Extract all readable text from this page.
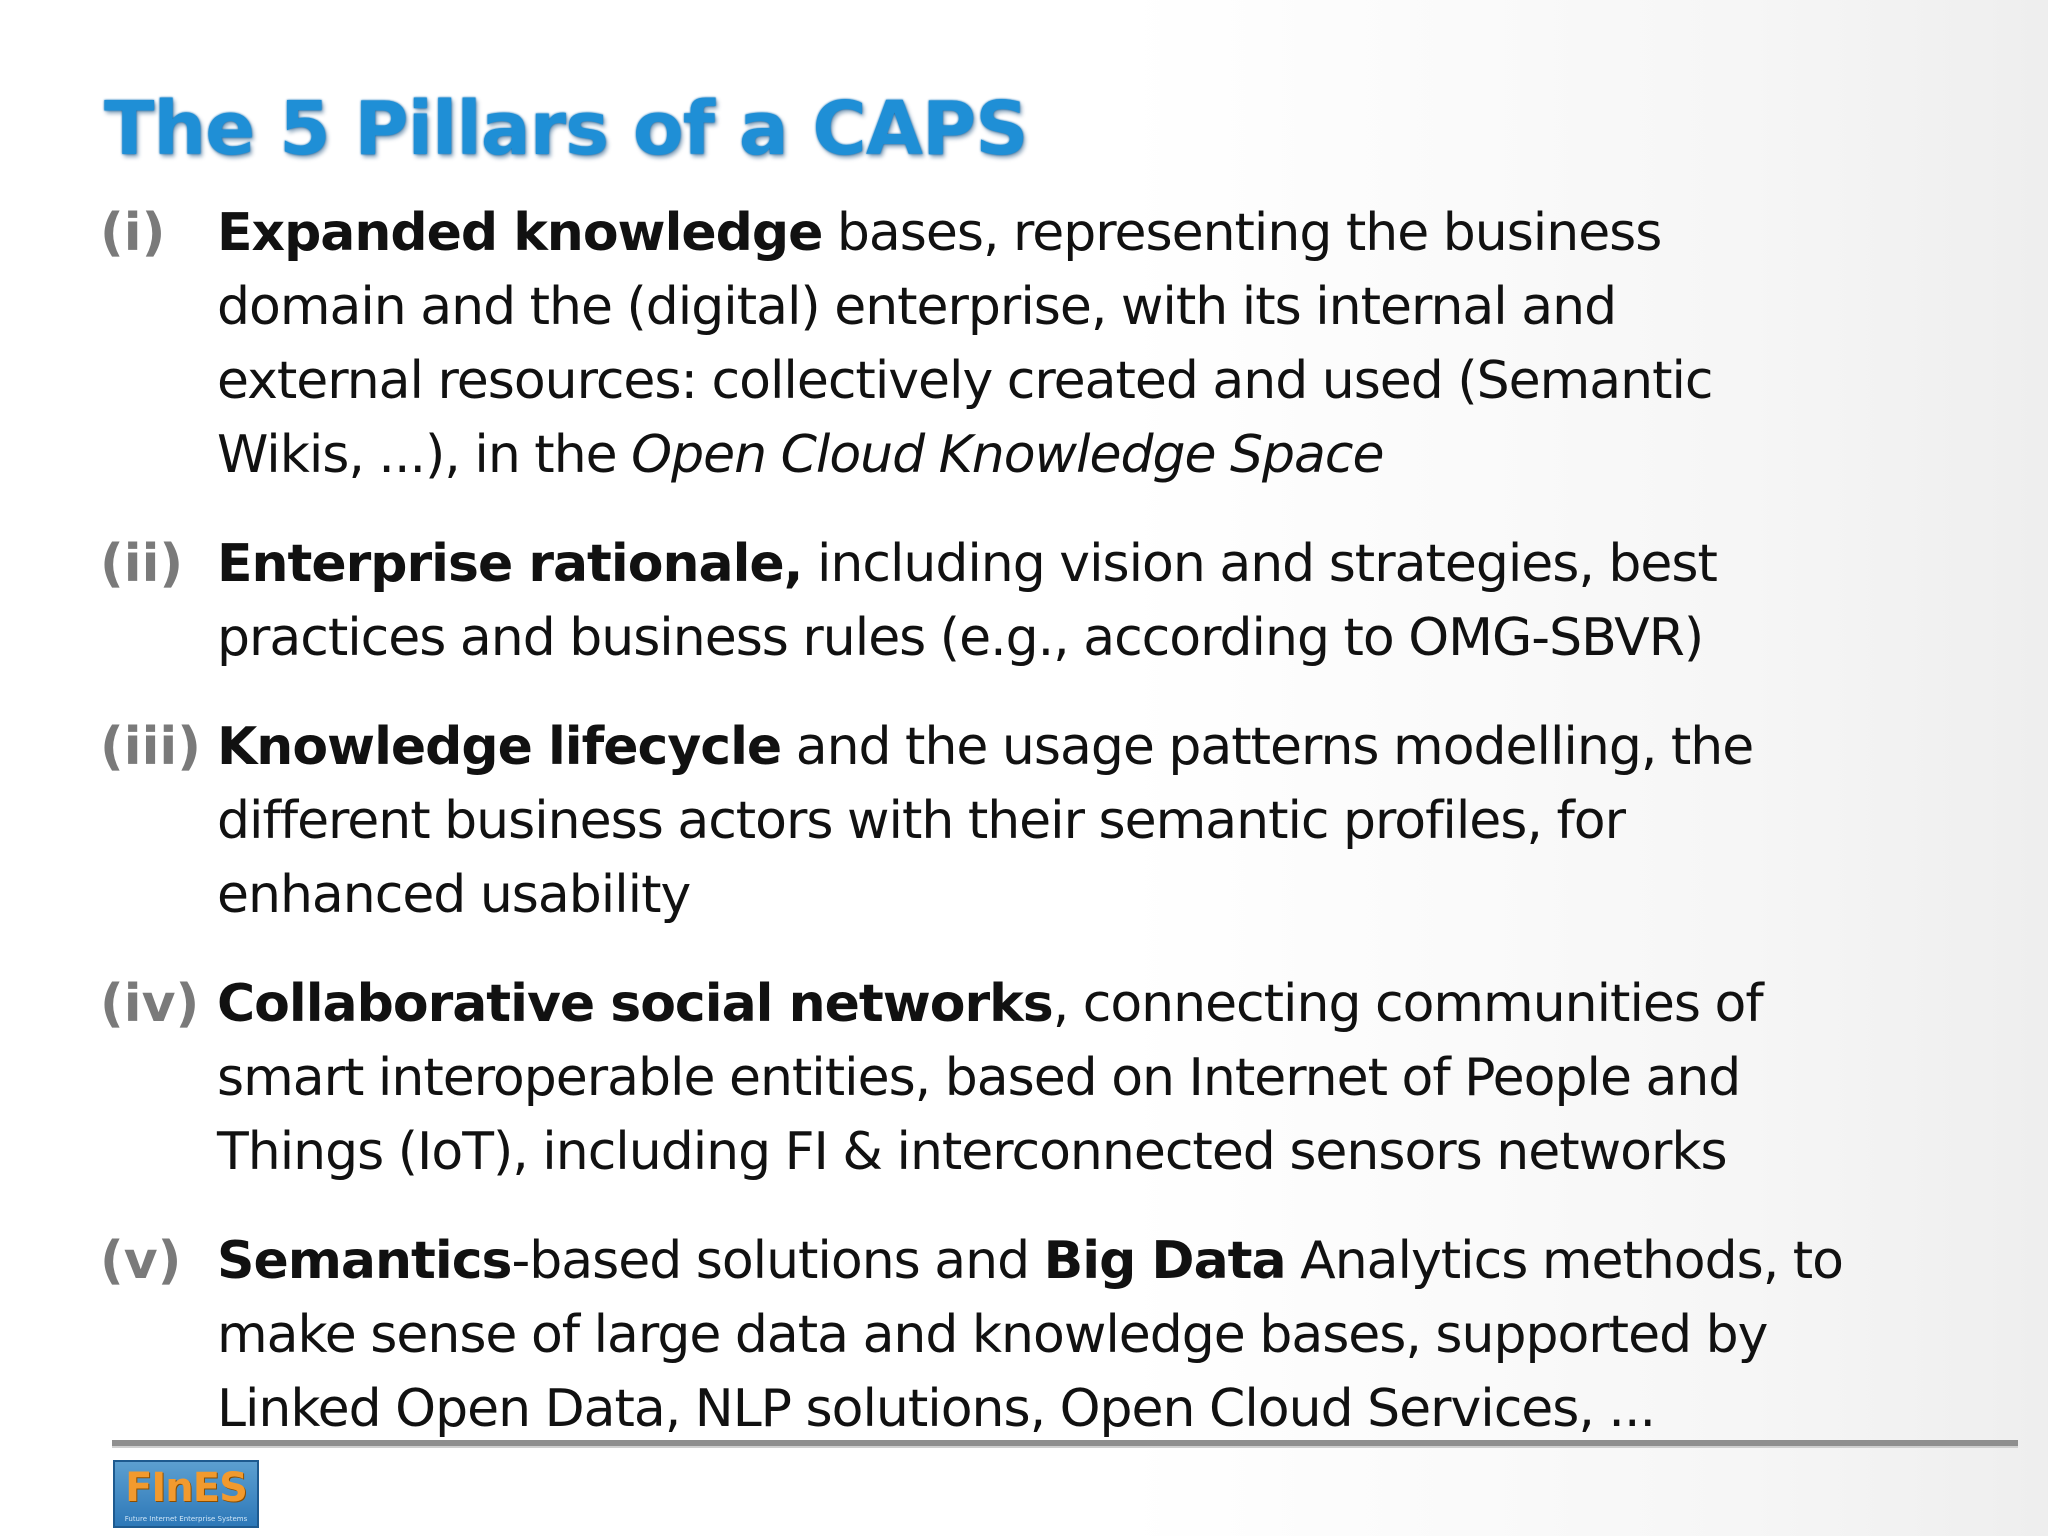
The 5 Pillars of a CAPS
(i) Expanded knowledge bases, representing the business
domain and the (digital) enterprise, with its internal and
external resources: collectively created and used (Semantic
Wikis, ...), in the Open Cloud Knowledge Space
(ii) Enterprise rationale, including vision and strategies, best
practices and business rules (e.g., according to OMG-SBVR)
(iii) Knowledge lifecycle and the usage patterns modelling, the
different business actors with their semantic profiles, for
enhanced usability
(iv) Collaborative social networks, connecting communities of
smart interoperable entities, based on Internet of People and
Things (IoT), including FI & interconnected sensors networks
(v) Semantics-based solutions and Big Data Analytics methods, to
make sense of large data and knowledge bases, supported by
Linked Open Data, NLP solutions, Open Cloud Services, ...
FInES
Future Internet Enterprise Systems
